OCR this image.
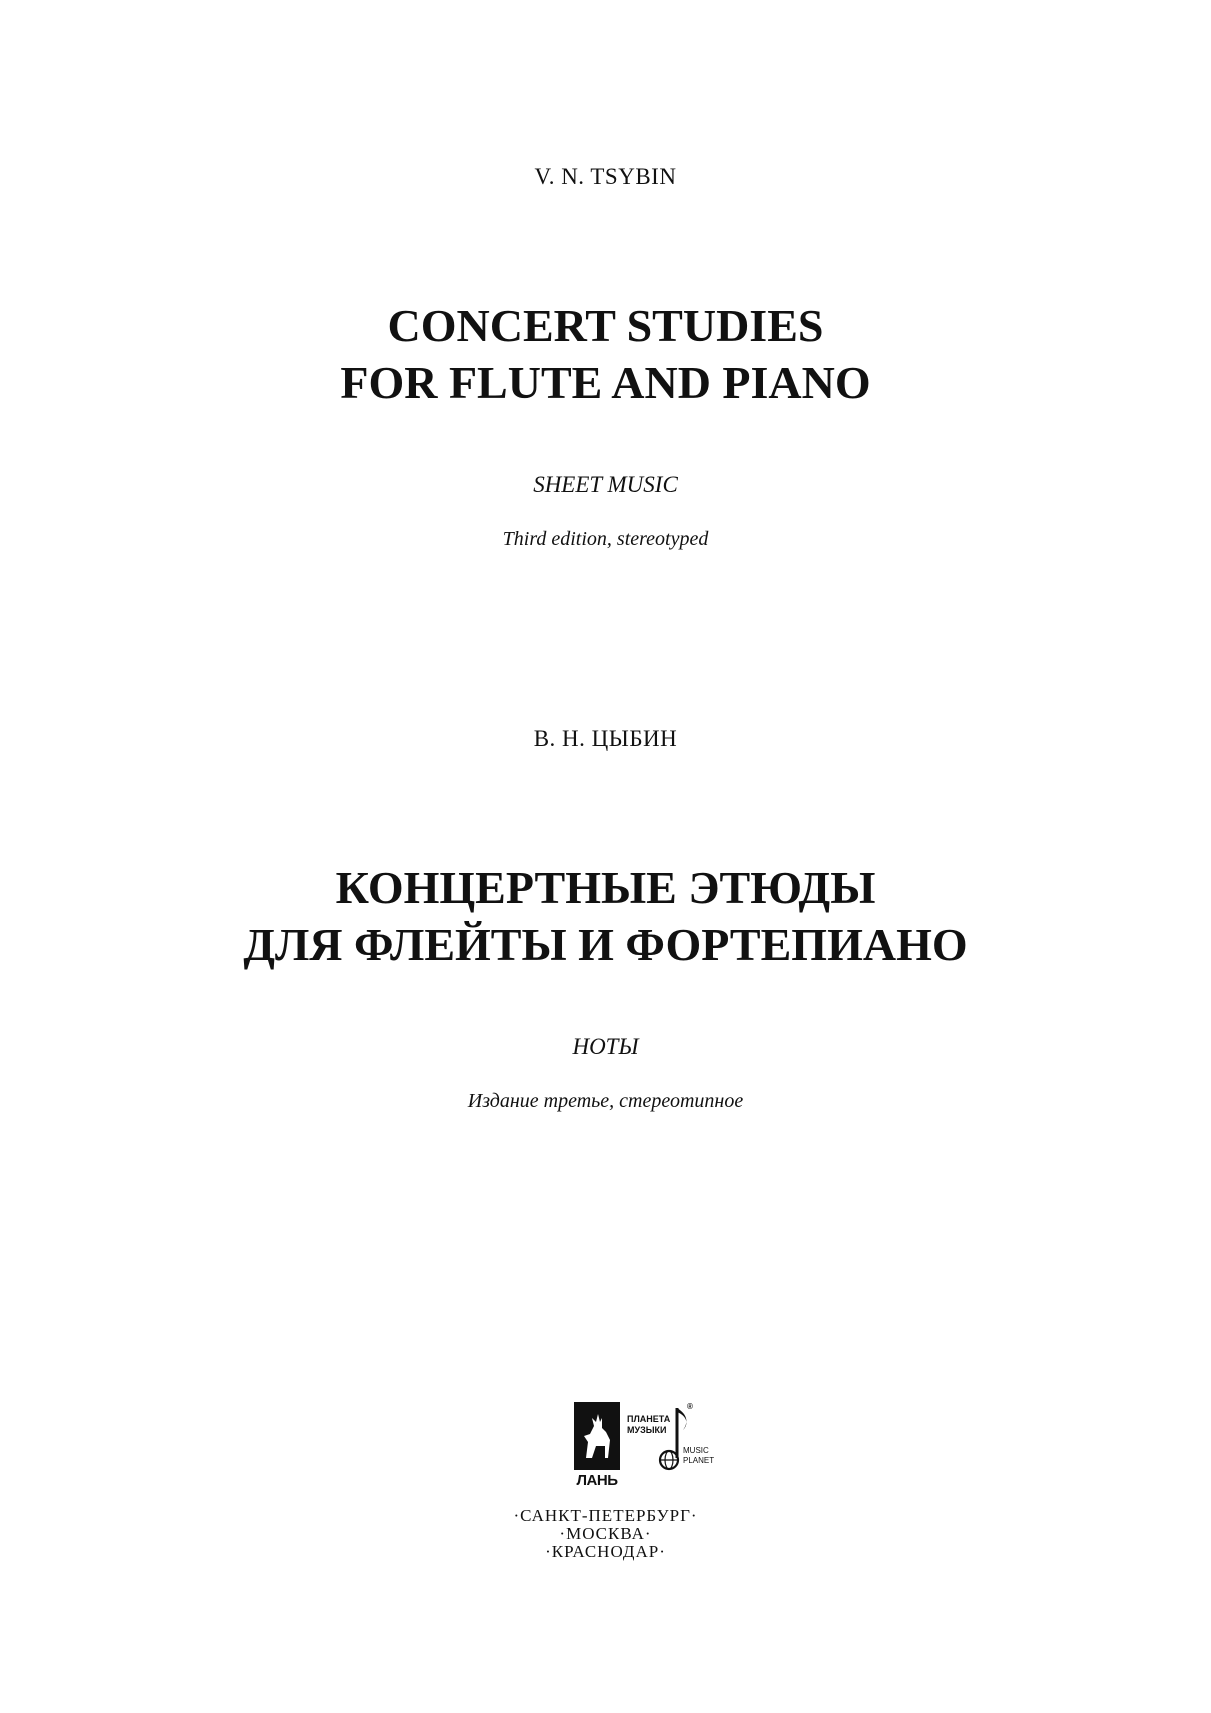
V. N. TSYBIN
CONCERT STUDIES
FOR FLUTE AND PIANO
SHEET MUSIC
Third edition, stereotyped
В. Н. ЦЫБИН
КОНЦЕРТНЫЕ ЭТЮДЫ
ДЛЯ ФЛЕЙТЫ И ФОРТЕПИАНО
НОТЫ
Издание третье, стереотипное
ЛАНЬ
ПЛАНЕТА
МУЗЫКИ
®
MUSIC
PLANET
·САНКТ-ПЕТЕРБУРГ·
·МОСКВА·
·КРАСНОДАР·
